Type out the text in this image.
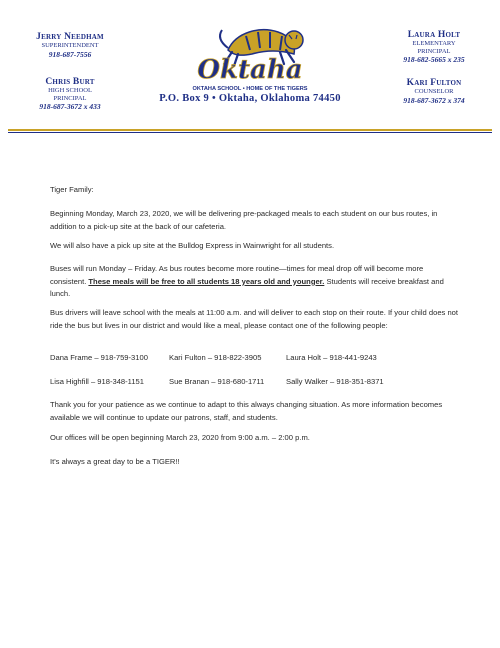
Jerry Needham
SUPERINTENDENT
918-687-7556
Chris Burt
HIGH SCHOOL
PRINCIPAL
918-687-3672 x 433
Oktaha
OKTAHA SCHOOL • HOME OF THE TIGERS
P.O. Box 9 • Oktaha, Oklahoma 74450
Laura Holt
ELEMENTARY
PRINCIPAL
918-682-5665 x 235
Kari Fulton
COUNSELOR
918-687-3672 x 374
Tiger Family:
Beginning Monday, March 23, 2020, we will be delivering pre-packaged meals to each student on our bus routes, in addition to a pick-up site at the back of our cafeteria.
We will also have a pick up site at the Bulldog Express in Wainwright for all students.
Buses will run Monday – Friday. As bus routes become more routine—times for meal drop off will become more consistent. These meals will be free to all students 18 years old and younger. Students will receive breakfast and lunch.
Bus drivers will leave school with the meals at 11:00 a.m. and will deliver to each stop on their route. If your child does not ride the bus but lives in our district and would like a meal, please contact one of the following people:
Dana Frame – 918-759-3100	Kari Fulton – 918-822-3905	Laura Holt – 918-441-9243
Lisa Highfill – 918-348-1151	Sue Branan – 918-680-1711	Sally Walker – 918-351-8371
Thank you for your patience as we continue to adapt to this always changing situation. As more information becomes available we will continue to update our patrons, staff, and students.
Our offices will be open beginning March 23, 2020 from 9:00 a.m. – 2:00 p.m.
It's always a great day to be a TIGER!!
